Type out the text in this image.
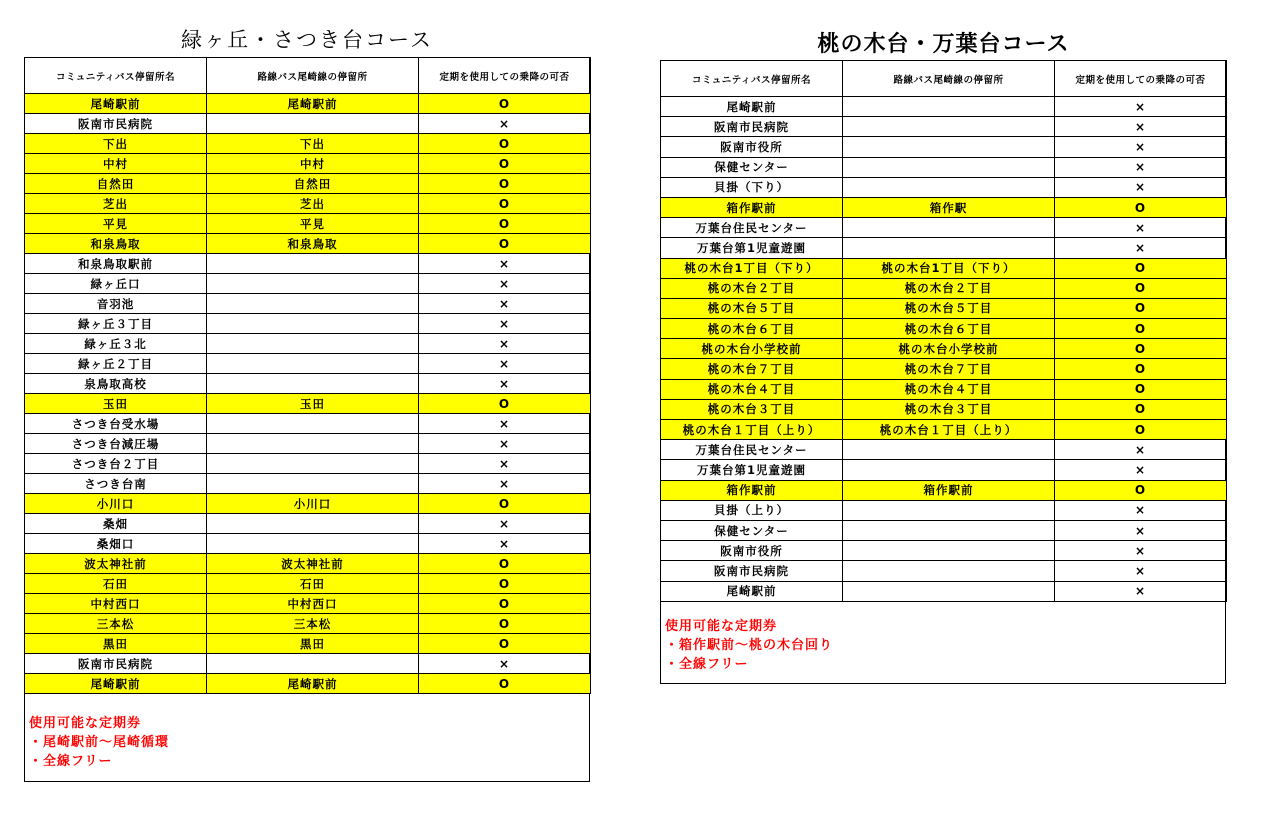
緑ヶ丘・さつき台コース
コミュニティバス停留所名	路線バス尾崎線の停留所	定期を使用しての乗降の可否
尾崎駅前	尾崎駅前	O
阪南市民病院		×
下出	下出	O
中村	中村	O
自然田	自然田	O
芝出	芝出	O
平見	平見	O
和泉鳥取	和泉鳥取	O
和泉鳥取駅前		×
緑ヶ丘口		×
音羽池		×
緑ヶ丘３丁目		×
緑ヶ丘３北		×
緑ヶ丘２丁目		×
泉鳥取高校		×
玉田	玉田	O
さつき台受水場		×
さつき台減圧場		×
さつき台２丁目		×
さつき台南		×
小川口	小川口	O
桑畑		×
桑畑口		×
波太神社前	波太神社前	O
石田	石田	O
中村西口	中村西口	O
三本松	三本松	O
黒田	黒田	O
阪南市民病院		×
尾崎駅前	尾崎駅前	O
使用可能な定期券
・尾崎駅前～尾崎循環
・全線フリー
桃の木台・万葉台コース
コミュニティバス停留所名	路線バス尾崎線の停留所	定期を使用しての乗降の可否
尾崎駅前		×
阪南市民病院		×
阪南市役所		×
保健センター		×
貝掛（下り）		×
箱作駅前	箱作駅	O
万葉台住民センター		×
万葉台第1児童遊園		×
桃の木台1丁目（下り）	桃の木台1丁目（下り）	O
桃の木台２丁目	桃の木台２丁目	O
桃の木台５丁目	桃の木台５丁目	O
桃の木台６丁目	桃の木台６丁目	O
桃の木台小学校前	桃の木台小学校前	O
桃の木台７丁目	桃の木台７丁目	O
桃の木台４丁目	桃の木台４丁目	O
桃の木台３丁目	桃の木台３丁目	O
桃の木台１丁目（上り）	桃の木台１丁目（上り）	O
万葉台住民センター		×
万葉台第1児童遊園		×
箱作駅前	箱作駅前	O
貝掛（上り）		×
保健センター		×
阪南市役所		×
阪南市民病院		×
尾崎駅前		×
使用可能な定期券
・箱作駅前～桃の木台回り
・全線フリー
